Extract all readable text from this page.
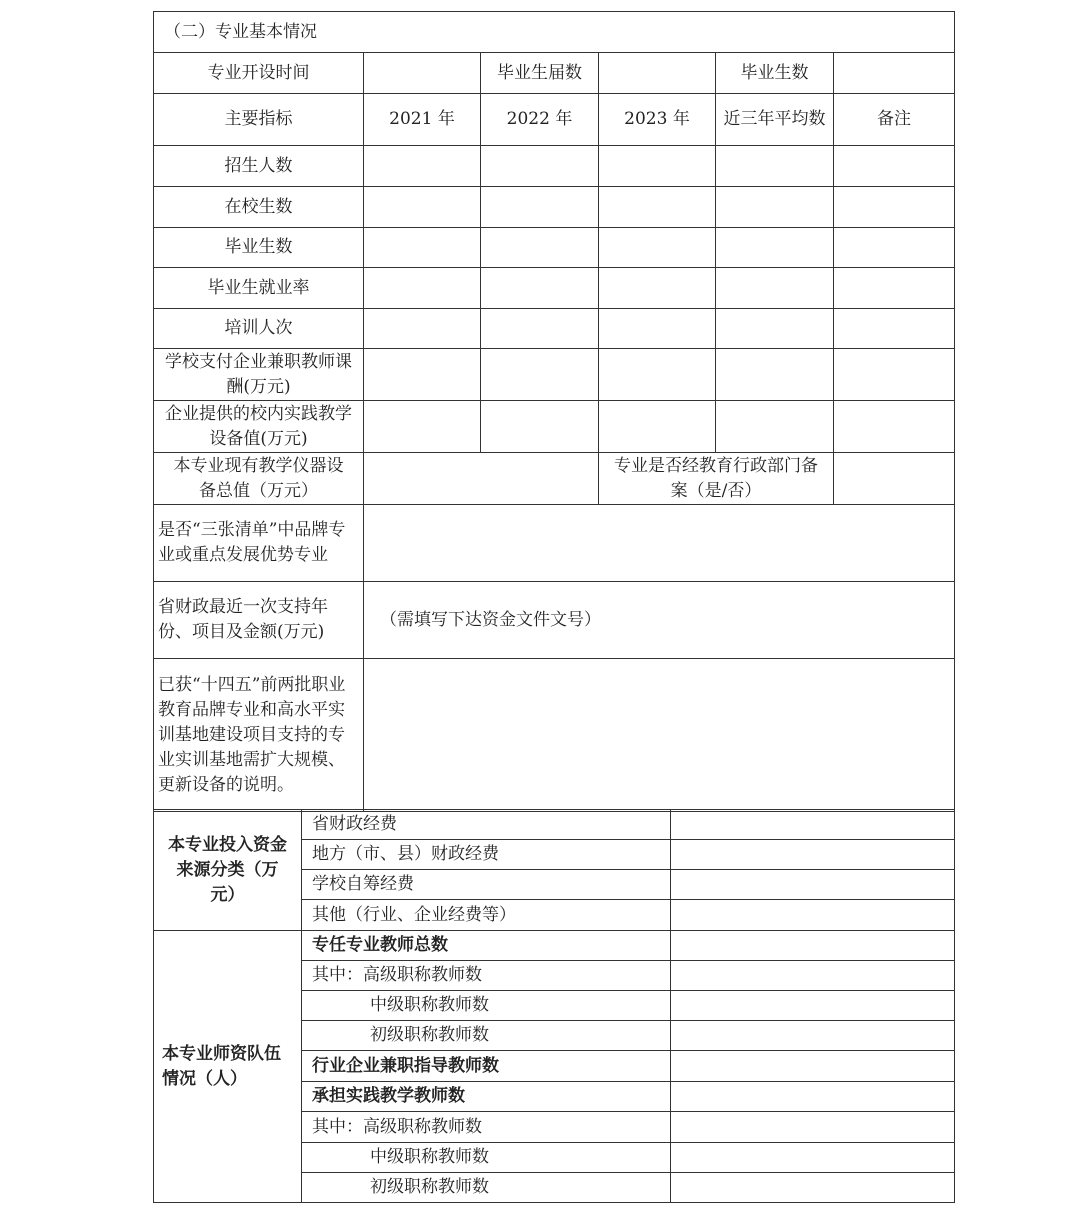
（二）专业基本情况					
专业开设时间		毕业生届数		毕业生数	
主要指标	2021 年	2022 年	2023 年	近三年平均数	备注
招生人数					
在校生数					
毕业生数					
毕业生就业率					
培训人次					
学校支付企业兼职教师课酬(万元)					
企业提供的校内实践教学设备值(万元)					
本专业现有教学仪器设备总值（万元）			专业是否经教育行政部门备案（是/否）		
是否“三张清单”中品牌专业或重点发展优势专业					
省财政最近一次支持年份、项目及金额(万元)	（需填写下达资金文件文号）				
已获“十四五”前两批职业教育品牌专业和高水平实训基地建设项目支持的专业实训基地需扩大规模、更新设备的说明。					
本专业投入资金来源分类（万元）	省财政经费	
	地方（市、县）财政经费	
	学校自筹经费	
	其他（行业、企业经费等）	
本专业师资队伍情况（人）	专任专业教师总数	
	其中：高级职称教师数	
	中级职称教师数	
	初级职称教师数	
	行业企业兼职指导教师数	
	承担实践教学教师数	
	其中：高级职称教师数	
	中级职称教师数	
	初级职称教师数	
